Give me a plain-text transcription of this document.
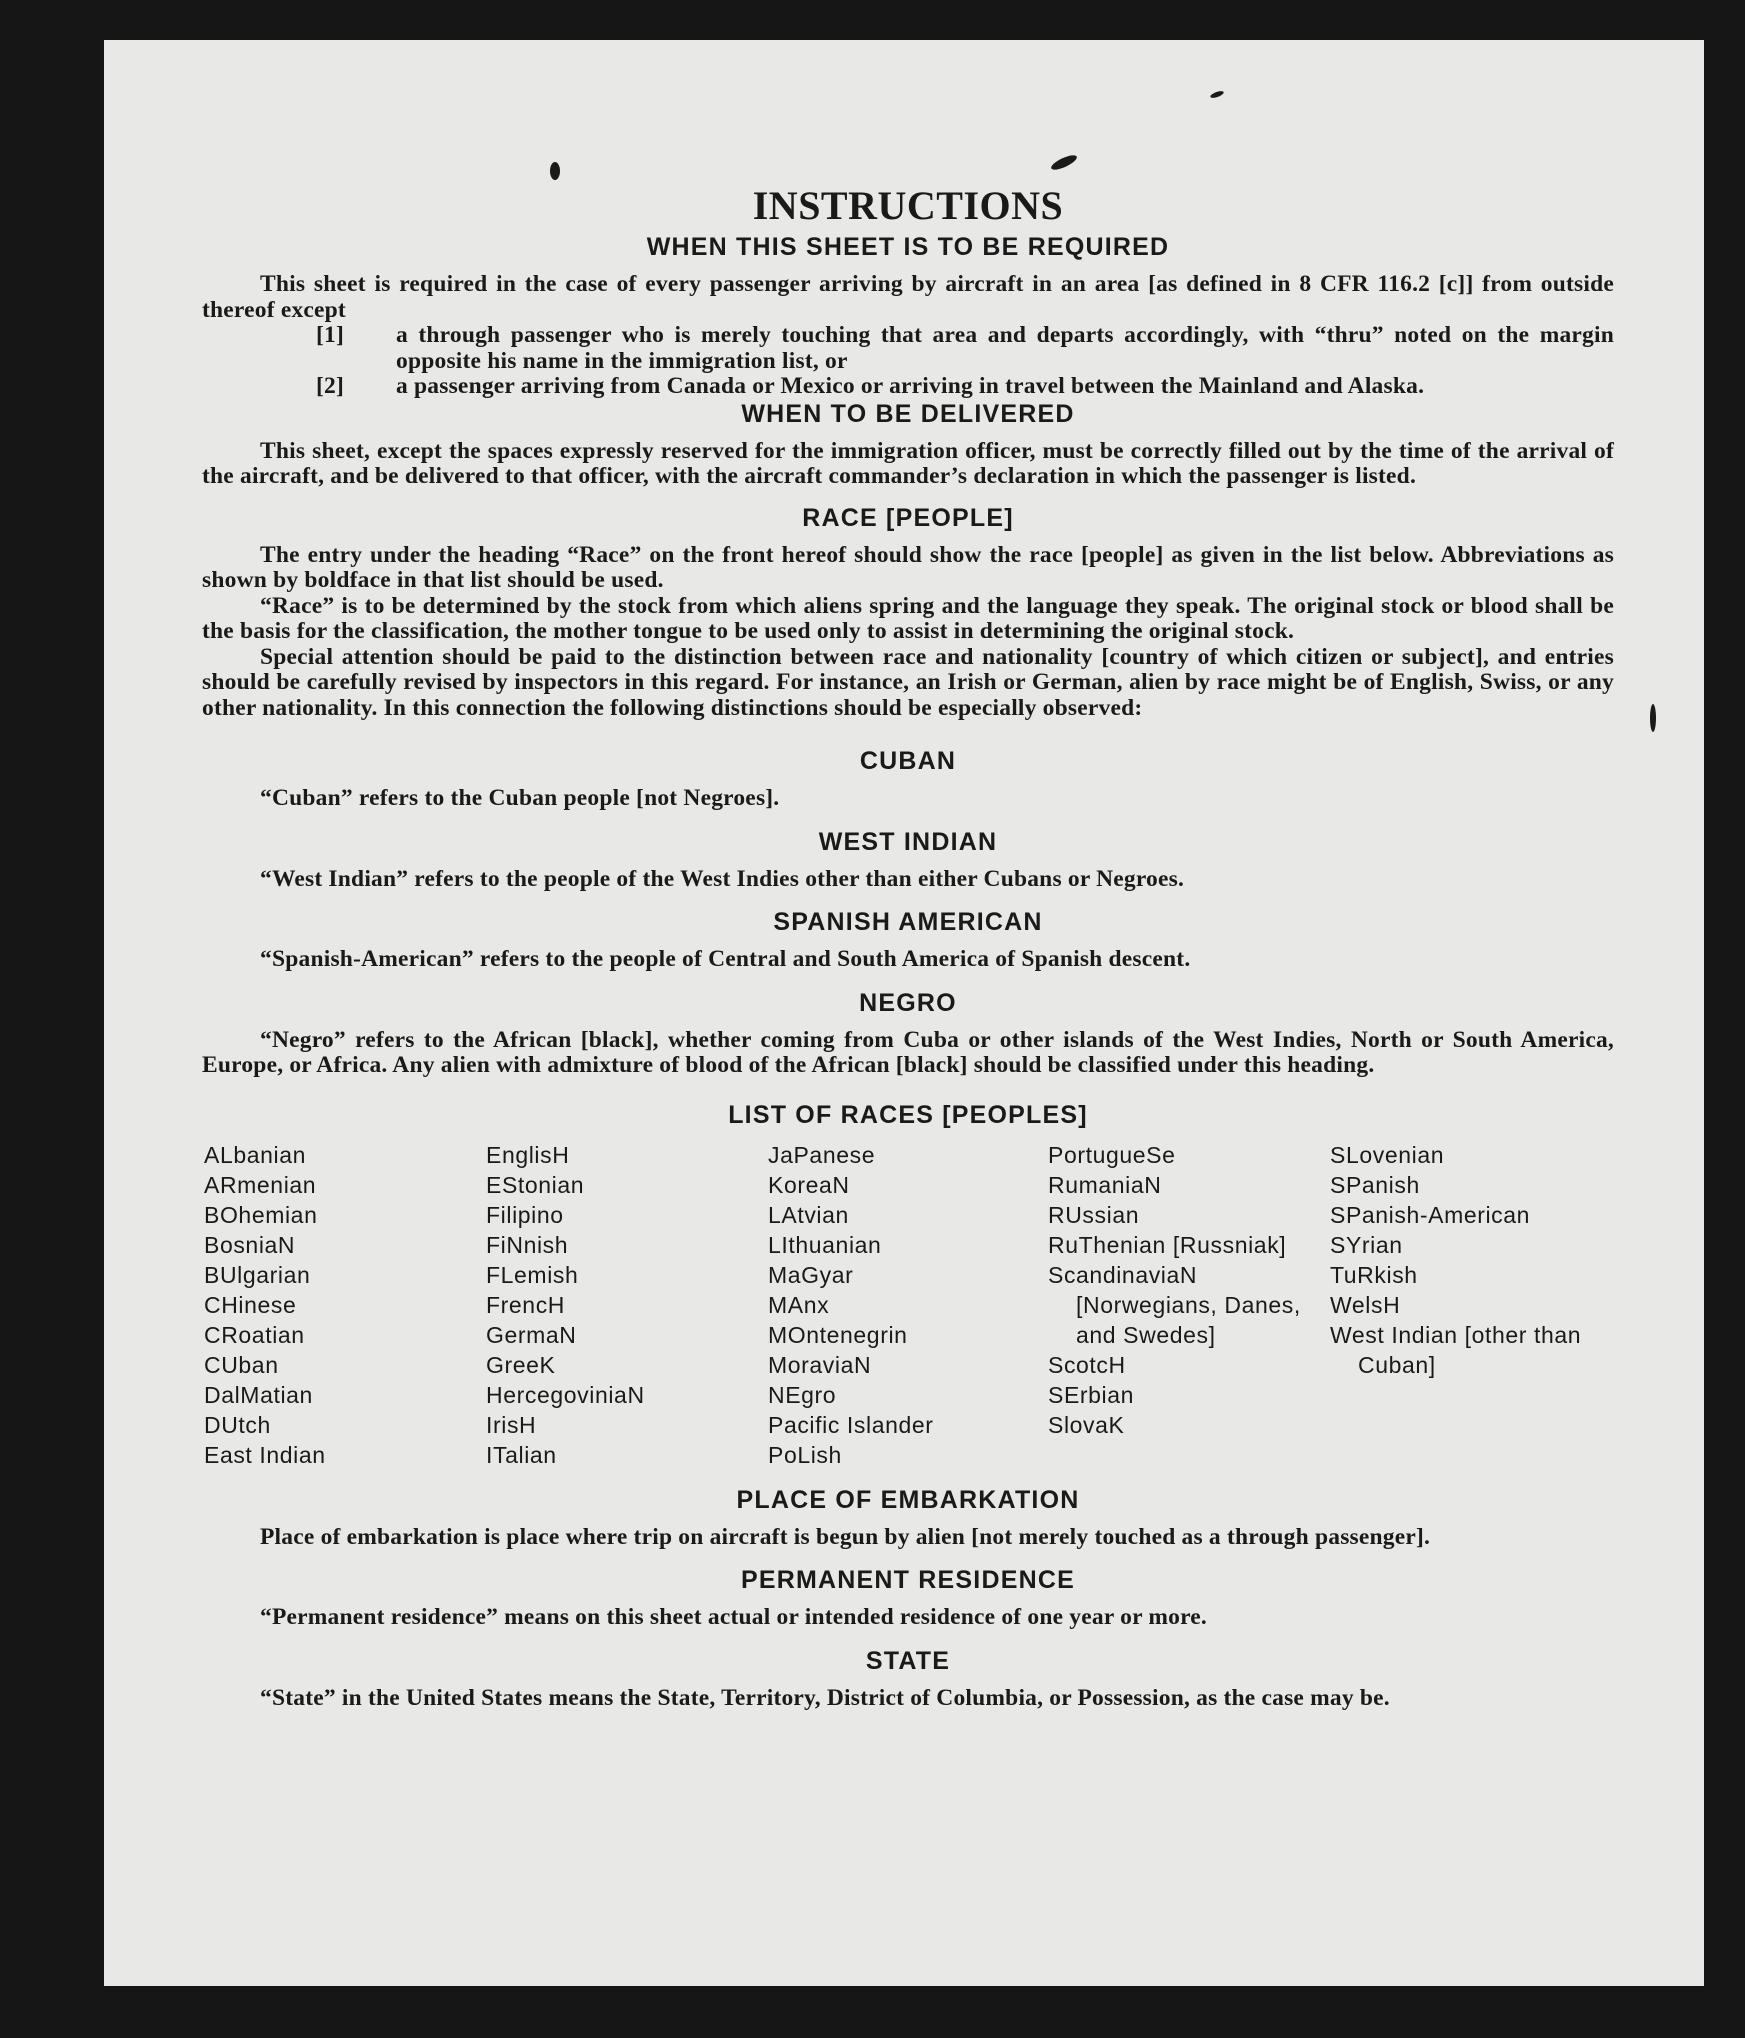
INSTRUCTIONS
WHEN THIS SHEET IS TO BE REQUIRED

This sheet is required in the case of every passenger arriving by aircraft in an area [as defined in 8 CFR 116.2 [c]] from outside thereof except

[1]	a through passenger who is merely touching that area and departs accordingly, with “thru” noted on the margin opposite his name in the immigration list, or
[2]	a passenger arriving from Canada or Mexico or arriving in travel between the Mainland and Alaska.
WHEN TO BE DELIVERED

This sheet, except the spaces expressly reserved for the immigration officer, must be correctly filled out by the time of the arrival of the aircraft, and be delivered to that officer, with the aircraft commander’s declaration in which the passenger is listed.

RACE [PEOPLE]

The entry under the heading “Race” on the front hereof should show the race [people] as given in the list below. Abbreviations as shown by boldface in that list should be used.

“Race” is to be determined by the stock from which aliens spring and the language they speak. The original stock or blood shall be the basis for the classification, the mother tongue to be used only to assist in determining the original stock.

Special attention should be paid to the distinction between race and nationality [country of which citizen or subject], and entries should be carefully revised by inspectors in this regard. For instance, an Irish or German, alien by race might be of English, Swiss, or any other nationality. In this connection the following distinctions should be especially observed:

CUBAN

“Cuban” refers to the Cuban people [not Negroes].

WEST INDIAN

“West Indian” refers to the people of the West Indies other than either Cubans or Negroes.

SPANISH AMERICAN

“Spanish-American” refers to the people of Central and South America of Spanish descent.

NEGRO

“Negro” refers to the African [black], whether coming from Cuba or other islands of the West Indies, North or South America, Europe, or Africa. Any alien with admixture of blood of the African [black] should be classified under this heading.

LIST OF RACES [PEOPLES]
ALbanian
ARmenian
BOhemian
BosniaN
BUlgarian
CHinese
CRoatian
CUban
DalMatian
DUtch
East Indian
EnglisH
EStonian
Filipino
FiNnish
FLemish
FrencH
GermaN
GreeK
HercegoviniaN
IrisH
ITalian
JaPanese
KoreaN
LAtvian
LIthuanian
MaGyar
MAnx
MOntenegrin
MoraviaN
NEgro
Pacific Islander
PoLish
PortugueSe
RumaniaN
RUssian
RuThenian [Russniak]
ScandinaviaN [Norwegians, Danes, and Swedes]
ScotcH
SErbian
SlovaK
SLovenian
SPanish
SPanish-American
SYrian
TuRkish
WelsH
West Indian [other than Cuban]
PLACE OF EMBARKATION

Place of embarkation is place where trip on aircraft is begun by alien [not merely touched as a through passenger].

PERMANENT RESIDENCE

“Permanent residence” means on this sheet actual or intended residence of one year or more.

STATE

“State” in the United States means the State, Territory, District of Columbia, or Possession, as the case may be.
